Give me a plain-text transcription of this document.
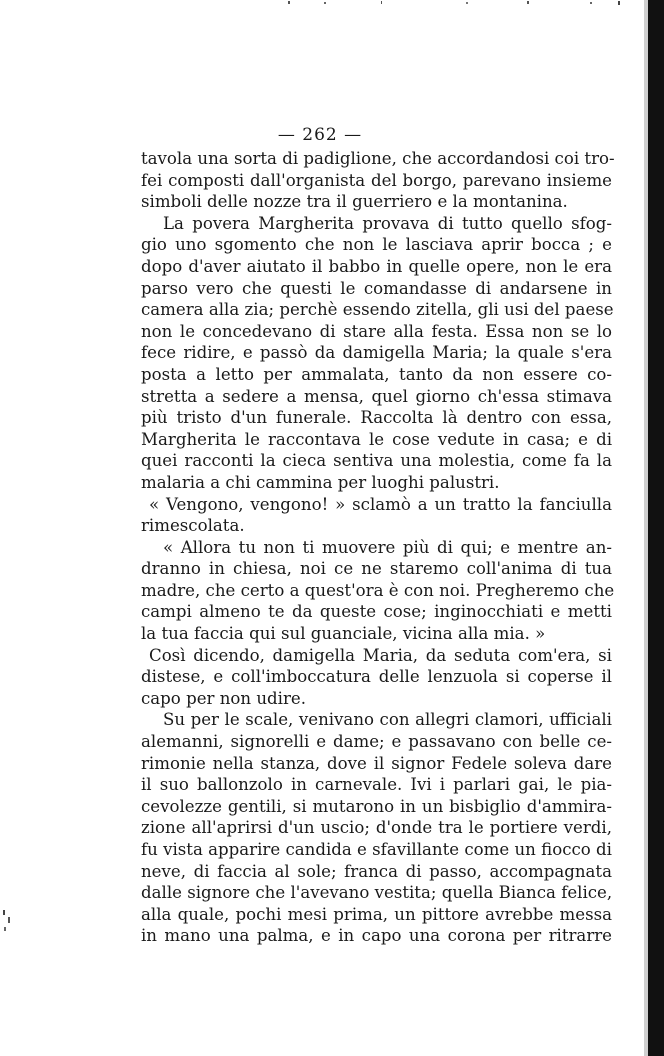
— 262 —
tavola una sorta di padiglione, che accordandosi coi tro-
fei composti dall'organista del borgo, parevano insieme
simboli delle nozze tra il guerriero e la montanina.
La povera Margherita provava di tutto quello sfog-
gio uno sgomento che non le lasciava aprir bocca ; e
dopo d'aver aiutato il babbo in quelle opere, non le era
parso vero che questi le comandasse di andarsene in
camera alla zia; perchè essendo zitella, gli usi del paese
non le concedevano di stare alla festa. Essa non se lo
fece ridire, e passò da damigella Maria; la quale s'era
posta a letto per ammalata, tanto da non essere co-
stretta a sedere a mensa, quel giorno ch'essa stimava
più tristo d'un funerale. Raccolta là dentro con essa,
Margherita le raccontava le cose vedute in casa; e di
quei racconti la cieca sentiva una molestia, come fa la
malaria a chi cammina per luoghi palustri.
« Vengono, vengono! » sclamò a un tratto la fanciulla
rimescolata.
« Allora tu non ti muovere più di qui; e mentre an-
dranno in chiesa, noi ce ne staremo coll'anima di tua
madre, che certo a quest'ora è con noi. Pregheremo che
campi almeno te da queste cose; inginocchiati e metti
la tua faccia qui sul guanciale, vicina alla mia. »
Così dicendo, damigella Maria, da seduta com'era, si
distese, e coll'imboccatura delle lenzuola si coperse il
capo per non udire.
Su per le scale, venivano con allegri clamori, ufficiali
alemanni, signorelli e dame; e passavano con belle ce-
rimonie nella stanza, dove il signor Fedele soleva dare
il suo ballonzolo in carnevale. Ivi i parlari gai, le pia-
cevolezze gentili, si mutarono in un bisbiglio d'ammira-
zione all'aprirsi d'un uscio; d'onde tra le portiere verdi,
fu vista apparire candida e sfavillante come un fiocco di
neve, di faccia al sole; franca di passo, accompagnata
dalle signore che l'avevano vestita; quella Bianca felice,
alla quale, pochi mesi prima, un pittore avrebbe messa
in mano una palma, e in capo una corona per ritrarre
